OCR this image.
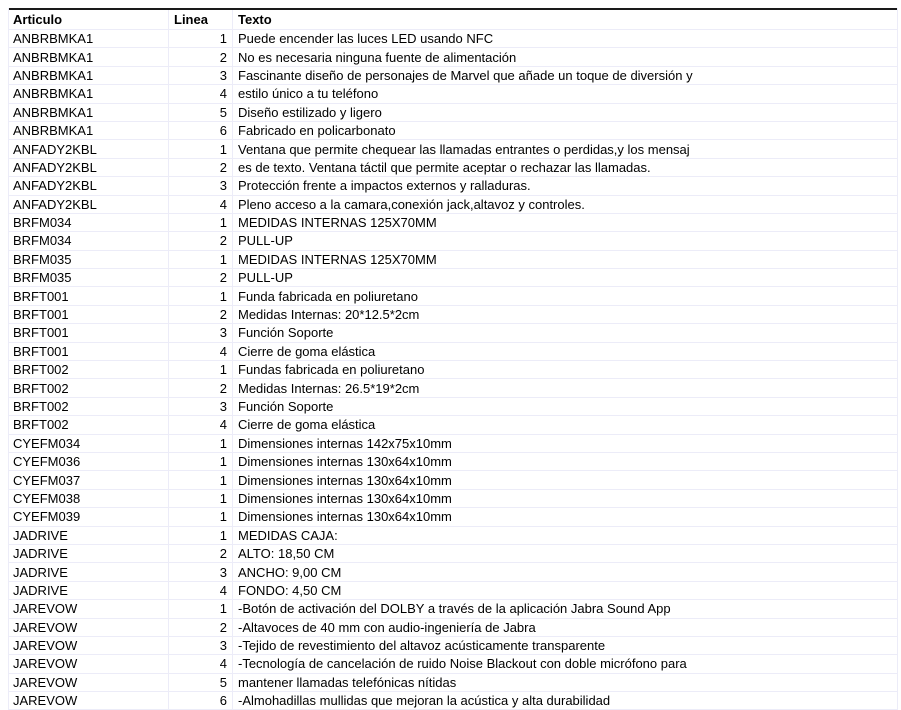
Articulo	Linea	Texto
ANBRBMKA1	1 Puede encender las luces LED usando NFC
ANBRBMKA1	2 No es necesaria ninguna fuente de alimentación
ANBRBMKA1	3 Fascinante diseño de personajes de Marvel que añade un toque de diversión y
ANBRBMKA1	4 estilo único a tu teléfono
ANBRBMKA1	5 Diseño estilizado y ligero
ANBRBMKA1	6 Fabricado en policarbonato
ANFADY2KBL	1 Ventana que permite chequear las llamadas entrantes o perdidas,y los mensaj
ANFADY2KBL	2 es de texto. Ventana táctil que permite aceptar o rechazar las llamadas.
ANFADY2KBL	3 Protección frente a impactos externos y ralladuras.
ANFADY2KBL	4 Pleno acceso a la camara,conexión jack,altavoz y controles.
BRFM034	1 MEDIDAS INTERNAS 125X70MM
BRFM034	2 PULL-UP
BRFM035	1 MEDIDAS INTERNAS 125X70MM
BRFM035	2 PULL-UP
BRFT001	1 Funda fabricada en poliuretano
BRFT001	2 Medidas Internas: 20*12.5*2cm
BRFT001	3 Función Soporte
BRFT001	4 Cierre de goma elástica
BRFT002	1 Fundas fabricada en poliuretano
BRFT002	2 Medidas Internas: 26.5*19*2cm
BRFT002	3 Función Soporte
BRFT002	4 Cierre de goma elástica
CYEFM034	1 Dimensiones internas 142x75x10mm
CYEFM036	1 Dimensiones internas 130x64x10mm
CYEFM037	1 Dimensiones internas 130x64x10mm
CYEFM038	1 Dimensiones internas 130x64x10mm
CYEFM039	1 Dimensiones internas 130x64x10mm
JADRIVE	1 MEDIDAS CAJA:
JADRIVE	2 ALTO: 18,50 CM
JADRIVE	3 ANCHO: 9,00 CM
JADRIVE	4 FONDO: 4,50 CM
JAREVOW	1 -Botón de activación del DOLBY a través de la aplicación Jabra Sound App
JAREVOW	2 -Altavoces de 40 mm con audio-ingeniería de Jabra
JAREVOW	3 -Tejido de revestimiento del altavoz acústicamente transparente
JAREVOW	4 -Tecnología de cancelación de ruido Noise Blackout con doble micrófono para
JAREVOW	5 mantener llamadas telefónicas nítidas
JAREVOW	6 -Almohadillas mullidas que mejoran la acústica y alta durabilidad
